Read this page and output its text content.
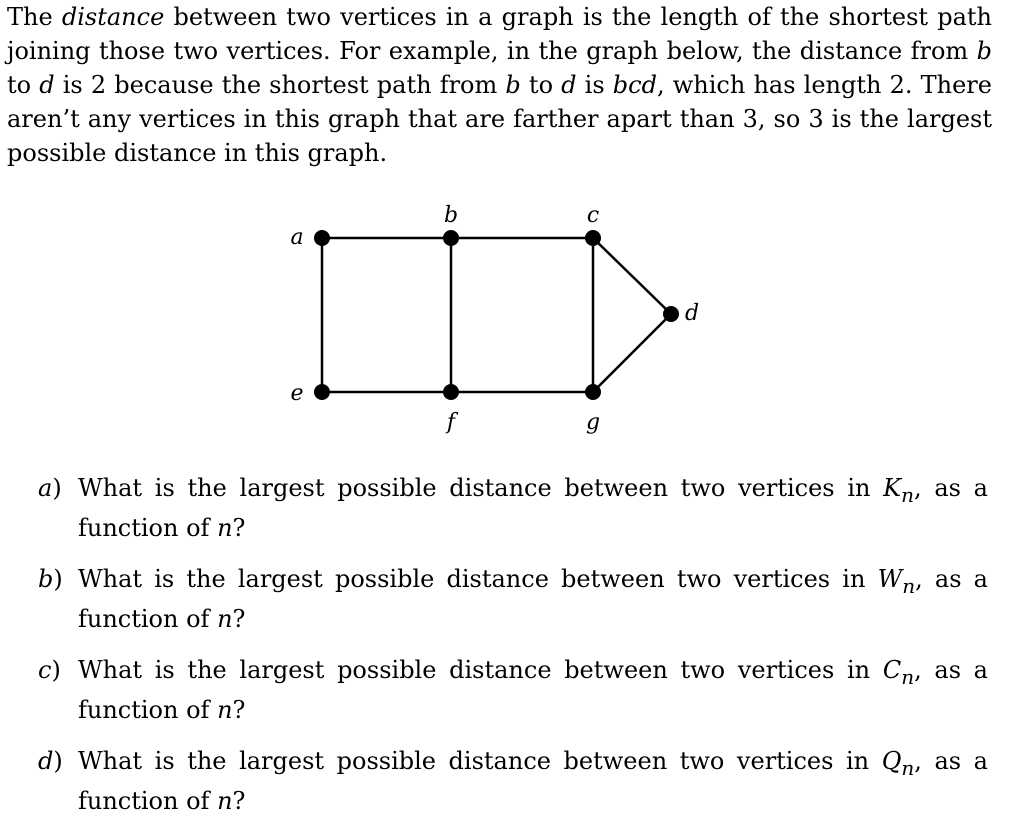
The distance between two vertices in a graph is the length of the shortest path joining those two vertices. For example, in the graph below, the distance from b to d is 2 because the shortest path from b to d is bcd, which has length 2. There aren’t any vertices in this graph that are farther apart than 3, so 3 is the largest possible distance in this graph.

a
b	c
d
e
f	g
a) What is the largest possible distance between two vertices in $K_n$, as a
function of n?
b) What is the largest possible distance between two vertices in $W_n$, as a
function of n?
c) What is the largest possible distance between two vertices in $C_n$, as a
function of n?
d) What is the largest possible distance between two vertices in $Q_n$, as a
function of n?
